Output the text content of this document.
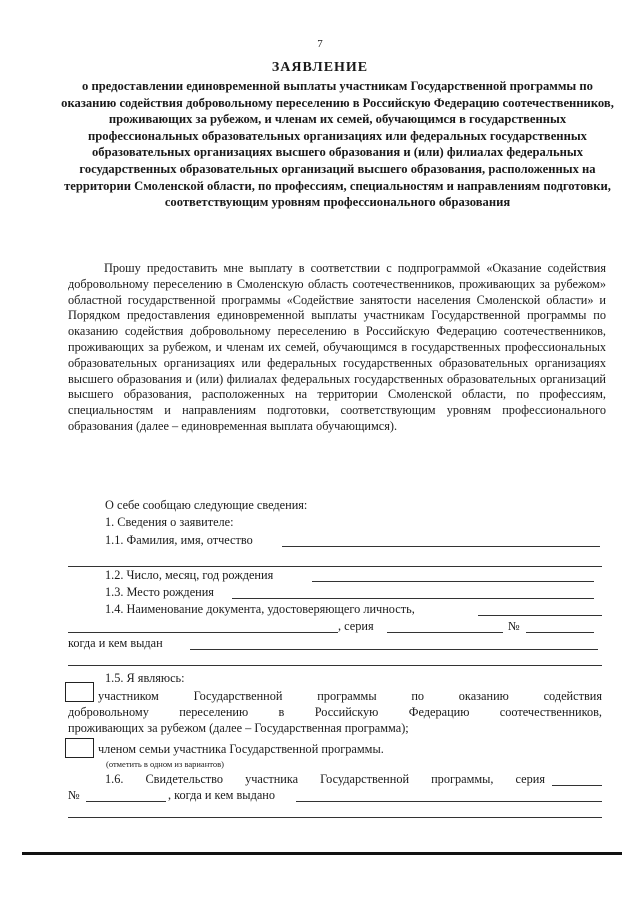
7
ЗАЯВЛЕНИЕ
о предоставлении единовременной выплаты участникам Государственной программы по оказанию содействия добровольному переселению в Российскую Федерацию соотечественников, проживающих за рубежом, и членам их семей, обучающимся в государственных профессиональных образовательных организациях или федеральных государственных образовательных организациях высшего образования и (или) филиалах федеральных государственных образовательных организаций высшего образования, расположенных на территории Смоленской области, по профессиям, специальностям и направлениям подготовки, соответствующим уровням профессионального образования

Прошу предоставить мне выплату в соответствии с подпрограммой «Оказание содействия добровольному переселению в Смоленскую область соотечественников, проживающих за рубежом» областной государственной программы «Содействие занятости населения Смоленской области» и Порядком предоставления единовременной выплаты участникам Государственной программы по оказанию содействия добровольному переселению в Российскую Федерацию соотечественников, проживающих за рубежом, и членам их семей, обучающимся в государственных профессиональных образовательных организациях или федеральных государственных образовательных организациях высшего образования и (или) филиалах федеральных государственных образовательных организаций высшего образования, расположенных на территории Смоленской области, по профессиям, специальностям и направлениям подготовки, соответствующим уровням профессионального образования (далее – единовременная выплата обучающимся).

О себе сообщаю следующие сведения:
1. Сведения о заявителе:
1.1. Фамилия, имя, отчество
1.2. Число, месяц, год рождения
1.3. Место рождения
1.4. Наименование документа, удостоверяющего личность,
, серия	№
когда и кем выдан
1.5. Я являюсь:
участником Государственной программы по оказанию содействия
добровольному переселению в Российскую Федерацию соотечественников,
проживающих за рубежом (далее – Государственная программа);
членом семьи участника Государственной программы.
(отметить в одном из вариантов)
1.6. Свидетельство участника Государственной программы, серия
№	, когда и кем выдано
